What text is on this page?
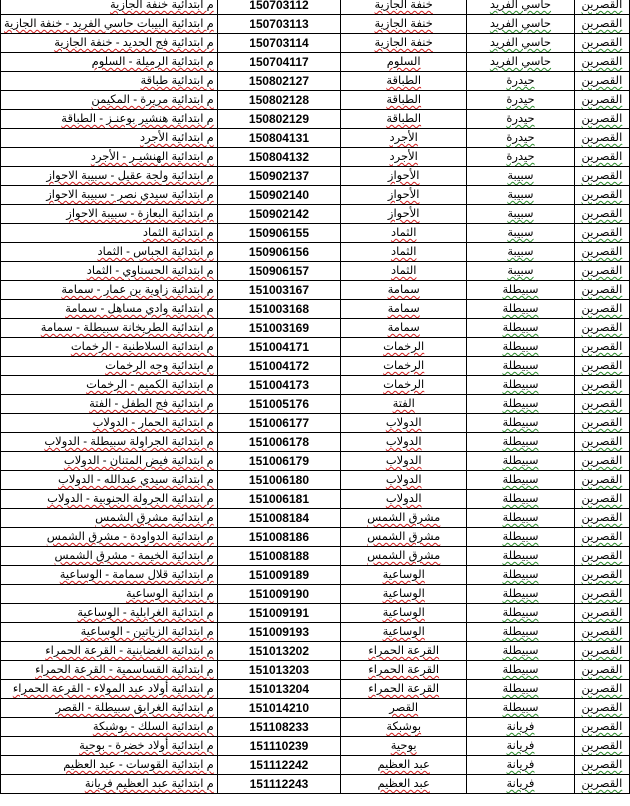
م ابتدائية خنفة الجازية	150703112	خنفة الجازية	حاسي الفريد	القصرين
م ابتدائية البيبات حاسي الفريد - خنفة الجازية	150703113	خنفة الجازية	حاسي الفريد	القصرين
م ابتدائية فج الحديد - خنفة الجازية	150703114	خنفة الجازية	حاسي الفريد	القصرين
م ابتدائية الرميلة - السلوم	150704117	السلوم	حاسي الفريد	القصرين
م ابتدائية طباقة	150802127	الطباقة	حيدرة	القصرين
م ابتدائية مريرة - المكيمن	150802128	الطباقة	حيدرة	القصرين
م ابتدائية هنشير بوعنـز - الطباقة	150802129	الطباقة	حيدرة	القصرين
م ابتدائية الأجرد	150804131	الأجرد	حيدرة	القصرين
م ابتدائية الهنشيـر - الأجرد	150804132	الأجرد	حيدرة	القصرين
م ابتدائية ولجة عقيل - سبيبة الاحواز	150902137	الأحواز	سبيبة	القصرين
م ابتدائية سيدي نصر - سبيبة الاحواز	150902140	الأحواز	سبيبة	القصرين
م ابتدائية البعازة - سبيبة الاحواز	150902142	الأحواز	سبيبة	القصرين
م ابتدائية الثماد	150906155	الثماد	سبيبة	القصرين
م ابتدائية الجباس - الثماد	150906156	الثماد	سبيبة	القصرين
م ابتدائية الحسناوي - الثماد	150906157	الثماد	سبيبة	القصرين
م ابتدائية زاوية بن عمار - سمامة	151003167	سمامة	سبيطلة	القصرين
م ابتدائية وادي مساهل - سمامة	151003168	سمامة	سبيطلة	القصرين
م ابتدائية الطريخانة سبيطلة - سمامة	151003169	سمامة	سبيطلة	القصرين
م ابتدائية السلاطنية - الرخمات	151004171	الرخمات	سبيطلة	القصرين
م ابتدائية وجه الرخمات	151004172	الرخمات	سبيطلة	القصرين
م ابتدائية الكميم - الرخمات	151004173	الرخمات	سبيطلة	القصرين
م ابتدائية فج الطفل - الفتة	151005176	الفتة	سبيطلة	القصرين
م ابتدائية الحمار - الدولاب	151006177	الدولاب	سبيطلة	القصرين
م ابتدائية الجراولة سبيطلة - الدولاب	151006178	الدولاب	سبيطلة	القصرين
م ابتدائية فيض المتنان - الدولاب	151006179	الدولاب	سبيطلة	القصرين
م ابتدائية سيدي عبدالله - الدولاب	151006180	الدولاب	سبيطلة	القصرين
م ابتدائية الجرولة الجنوبية - الدولاب	151006181	الدولاب	سبيطلة	القصرين
م ابتدائية مشرق الشمس	151008184	مشرق الشمس	سبيطلة	القصرين
م ابتدائية الدواودة - مشرق الشمس	151008186	مشرق الشمس	سبيطلة	القصرين
م ابتدائية الخيمة - مشرق الشمس	151008188	مشرق الشمس	سبيطلة	القصرين
م ابتدائية قلال سمامة - الوساعية	151009189	الوساعية	سبيطلة	القصرين
م ابتدائية الوساعية	151009190	الوساعية	سبيطلة	القصرين
م ابتدائية الغرابلية - الوساعية	151009191	الوساعية	سبيطلة	القصرين
م ابتدائية الزياتين - الوساعية	151009193	الوساعية	سبيطلة	القصرين
م ابتدائية الغضابنية - القرعة الحمراء	151013202	القرعة الحمراء	سبيطلة	القصرين
م ابتدائية القساسمية - القرعة الحمراء	151013203	القرعة الحمراء	سبيطلة	القصرين
م ابتدائية أولاد عبد المولاء - القرعة الحمراء	151013204	القرعة الحمراء	سبيطلة	القصرين
م ابتدائية الغرابق سبيطلة - القصر	151014210	القصر	سبيطلة	القصرين
م ابتدائية السلك - بوشبكة	151108233	بوشبكة	فريانة	القصرين
م ابتدائية أولاد خضرة - بوحية	151110239	بوحية	فريانة	القصرين
م ابتدائية القوسات - عبد العظيم	151112242	عبد العظيم	فريانة	القصرين
م ابتدائية عبد العظيم فريانة	151112243	عبد العظيم	فريانة	القصرين
